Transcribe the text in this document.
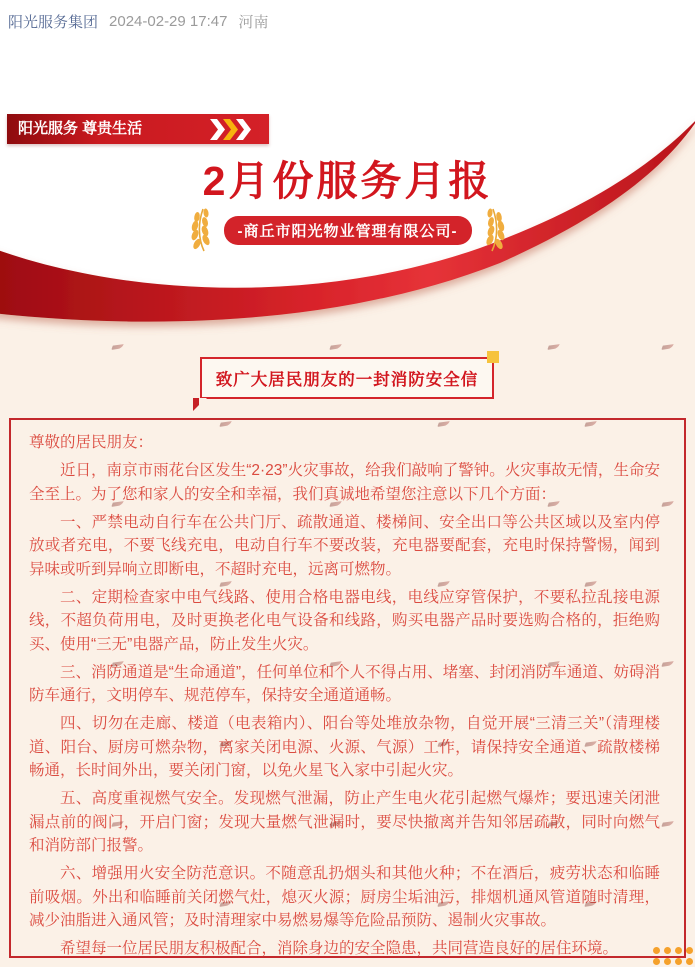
阳光服务集团 2024-02-29 17:47 河南
阳光服务 尊贵生活
2月份服务月报
-商丘市阳光物业管理有限公司-
致广大居民朋友的一封消防安全信

尊敬的居民朋友：

近日，南京市雨花台区发生“2·23”火灾事故，给我们敲响了警钟。火灾事故无情，生命安全至上。为了您和家人的安全和幸福，我们真诚地希望您注意以下几个方面：

一、严禁电动自行车在公共门厅、疏散通道、楼梯间、安全出口等公共区域以及室内停放或者充电，不要飞线充电，电动自行车不要改装，充电器要配套，充电时保持警惕，闻到异味或听到异响立即断电，不超时充电，远离可燃物。

二、定期检查家中电气线路、使用合格电器电线，电线应穿管保护，不要私拉乱接电源线，不超负荷用电，及时更换老化电气设备和线路，购买电器产品时要选购合格的，拒绝购买、使用“三无”电器产品，防止发生火灾。

三、消防通道是“生命通道”，任何单位和个人不得占用、堵塞、封闭消防车通道、妨碍消防车通行，文明停车、规范停车，保持安全通道通畅。

四、切勿在走廊、楼道（电表箱内）、阳台等处堆放杂物，自觉开展“三清三关”（清理楼道、阳台、厨房可燃杂物，离家关闭电源、火源、气源）工作，请保持安全通道、疏散楼梯畅通，长时间外出，要关闭门窗，以免火星飞入家中引起火灾。

五、高度重视燃气安全。发现燃气泄漏，防止产生电火花引起燃气爆炸；要迅速关闭泄漏点前的阀门，开启门窗；发现大量燃气泄漏时，要尽快撤离并告知邻居疏散，同时向燃气和消防部门报警。

六、增强用火安全防范意识。不随意乱扔烟头和其他火种；不在酒后，疲劳状态和临睡前吸烟。外出和临睡前关闭燃气灶，熄灭火源；厨房尘垢油污，排烟机通风管道随时清理，减少油脂进入通风管；及时清理家中易燃易爆等危险品预防、遏制火灾事故。

希望每一位居民朋友积极配合，消除身边的安全隐患，共同营造良好的居住环境。
